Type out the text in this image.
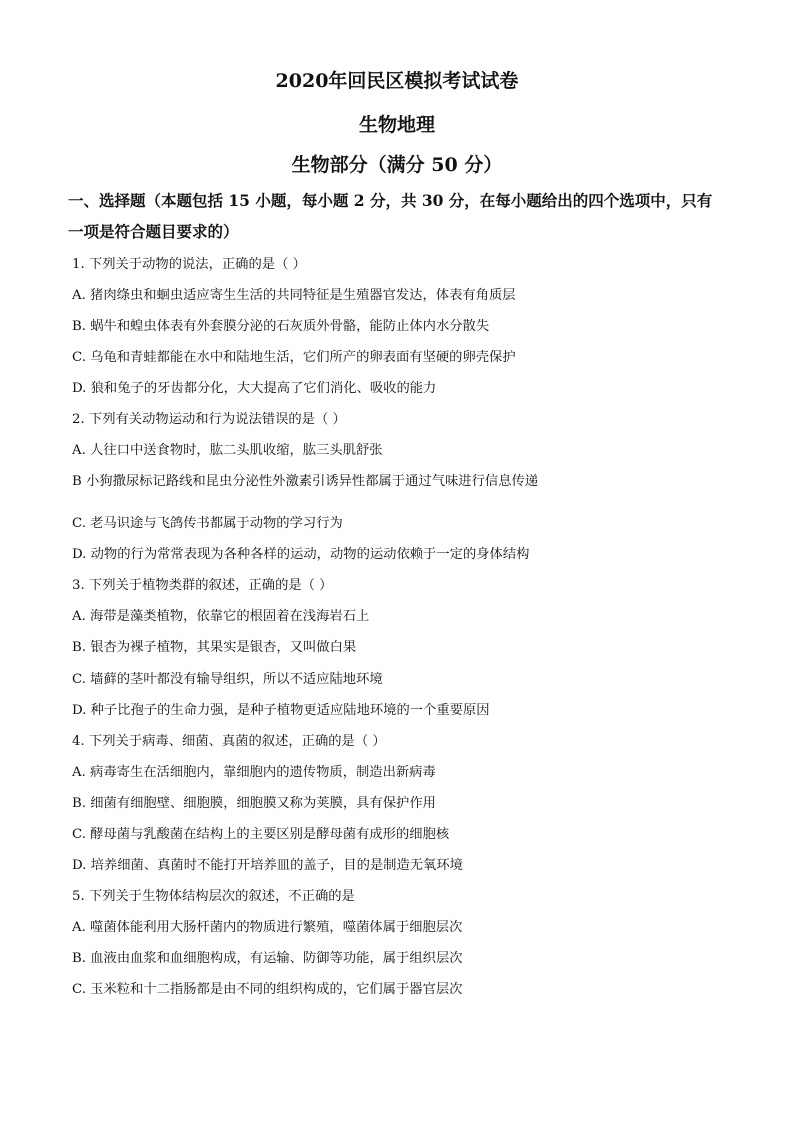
2020年回民区模拟考试试卷
生物地理
生物部分（满分 50 分）
一、选择题（本题包括 15 小题，每小题 2 分，共 30 分，在每小题给出的四个选项中，只有
一项是符合题目要求的）
1. 下列关于动物的说法，正确的是（ ）
A. 猪肉绦虫和蛔虫适应寄生生活的共同特征是生殖器官发达，体表有角质层
B. 蜗牛和蝗虫体表有外套膜分泌的石灰质外骨骼，能防止体内水分散失
C. 乌龟和青蛙都能在水中和陆地生活，它们所产的卵表面有坚硬的卵壳保护
D. 狼和兔子的牙齿都分化，大大提高了它们消化、吸收的能力
2. 下列有关动物运动和行为说法错误的是（ ）
A. 人往口中送食物时，肱二头肌收缩，肱三头肌舒张
B 小狗撒尿标记路线和昆虫分泌性外激素引诱异性都属于通过气味进行信息传递
C. 老马识途与飞鸽传书都属于动物的学习行为
D. 动物的行为常常表现为各种各样的运动，动物的运动依赖于一定的身体结构
3. 下列关于植物类群的叙述，正确的是（ ）
A. 海带是藻类植物，依靠它的根固着在浅海岩石上
B. 银杏为裸子植物，其果实是银杏，又叫做白果
C. 墙藓的茎叶都没有输导组织，所以不适应陆地环境
D. 种子比孢子的生命力强，是种子植物更适应陆地环境的一个重要原因
4. 下列关于病毒、细菌、真菌的叙述，正确的是（ ）
A. 病毒寄生在活细胞内，靠细胞内的遗传物质，制造出新病毒
B. 细菌有细胞壁、细胞膜，细胞膜又称为荚膜，具有保护作用
C. 酵母菌与乳酸菌在结构上的主要区别是酵母菌有成形的细胞核
D. 培养细菌、真菌时不能打开培养皿的盖子，目的是制造无氧环境
5. 下列关于生物体结构层次的叙述，不正确的是
A. 噬菌体能利用大肠杆菌内的物质进行繁殖，噬菌体属于细胞层次
B. 血液由血浆和血细胞构成，有运输、防御等功能，属于组织层次
C. 玉米粒和十二指肠都是由不同的组织构成的，它们属于器官层次
